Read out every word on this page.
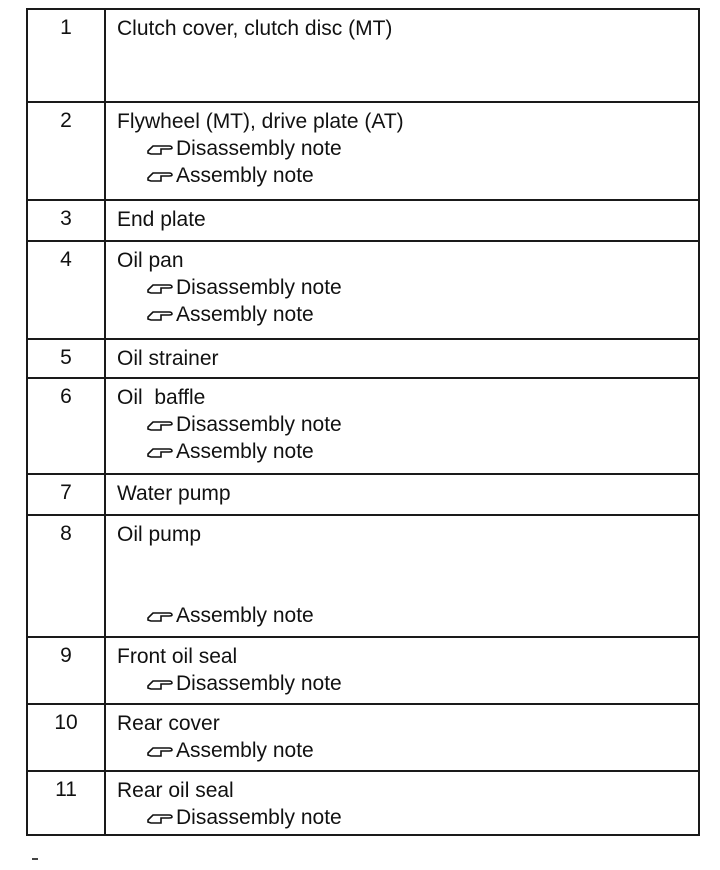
1	Clutch cover, clutch disc (MT)

2	Flywheel (MT), drive plate (AT)
Disassembly note
Assembly note

3	End plate

4	Oil pan
Disassembly note
Assembly note

5	Oil strainer

6	Oil  baffle
Disassembly note
Assembly note

7	Water pump

8	Oil pump
Assembly note

9	Front oil seal
Disassembly note

10	Rear cover
Assembly note

11	Rear oil seal
Disassembly note
